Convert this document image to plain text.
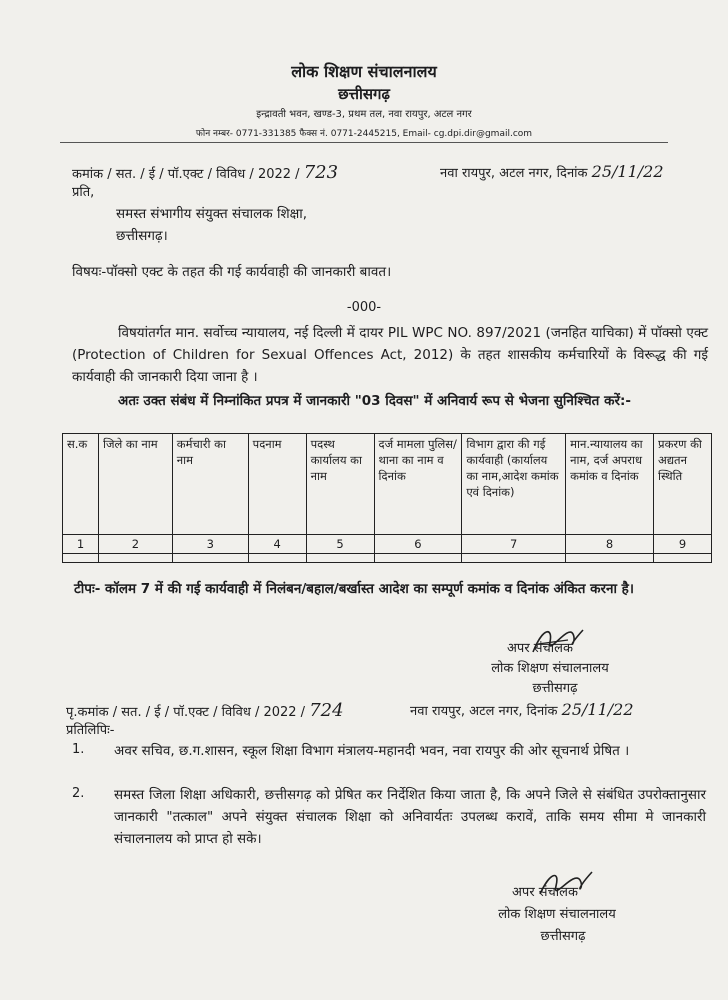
लोक शिक्षण संचालनालय
छत्तीसगढ़
इन्द्रावती भवन, खण्ड-3, प्रथम तल, नवा रायपुर, अटल नगर
फोन नम्बर- 0771-331385 फैक्स नं. 0771-2445215, Email- cg.dpi.dir@gmail.com
कमांक / सत. / ई / पॉ.एक्ट / विविध / 2022 / 723	नवा रायपुर, अटल नगर, दिनांक 25/11/22
प्रति,
समस्त संभागीय संयुक्त संचालक शिक्षा,
छत्तीसगढ़।
विषयः-पॉक्सो एक्ट के तहत की गई कार्यवाही की जानकारी बावत।
-000-
विषयांतर्गत मान. सर्वोच्च न्यायालय, नई दिल्ली में दायर PIL WPC NO. 897/2021 (जनहित याचिका) में पॉक्सो एक्ट (Protection of Children for Sexual Offences Act, 2012) के तहत शासकीय कर्मचारियों के विरूद्ध की गई कार्यवाही की जानकारी दिया जाना है ।
अतः उक्त संबंध में निम्नांकित प्रपत्र में जानकारी "03 दिवस" में अनिवार्य रूप से भेजना सुनिश्चित करें:-
स.क	जिले का नाम	कर्मचारी का नाम	पदनाम	पदस्थ कार्यालय का नाम	दर्ज मामला पुलिस/थाना का नाम व दिनांक	विभाग द्वारा की गई कार्यवाही (कार्यालय का नाम,आदेश कमांक एवं दिनांक)	मान.न्यायालय का नाम, दर्ज अपराध कमांक व दिनांक	प्रकरण की अद्यतन स्थिति
1	2	3	4	5	6	7	8	9

टीपः- कॉलम 7 में की गई कार्यवाही में निलंबन/बहाल/बर्खास्त आदेश का सम्पूर्ण कमांक व दिनांक अंकित करना है।
अपर संचालक
लोक शिक्षण संचालनालय
छत्तीसगढ़
पृ.कमांक / सत. / ई / पॉ.एक्ट / विविध / 2022 / 724	नवा रायपुर, अटल नगर, दिनांक 25/11/22
प्रतिलिपिः-
1. अवर सचिव, छ.ग.शासन, स्कूल शिक्षा विभाग मंत्रालय-महानदी भवन, नवा रायपुर की ओर सूचनार्थ प्रेषित ।
2. समस्त जिला शिक्षा अधिकारी, छत्तीसगढ़ को प्रेषित कर निर्देशित किया जाता है, कि अपने जिले से संबंधित उपरोक्तानुसार जानकारी "तत्काल" अपने संयुक्त संचालक शिक्षा को अनिवार्यतः उपलब्ध करावें, ताकि समय सीमा मे जानकारी संचालनालय को प्राप्त हो सके।
अपर संचालक
लोक शिक्षण संचालनालय
छत्तीसगढ़
